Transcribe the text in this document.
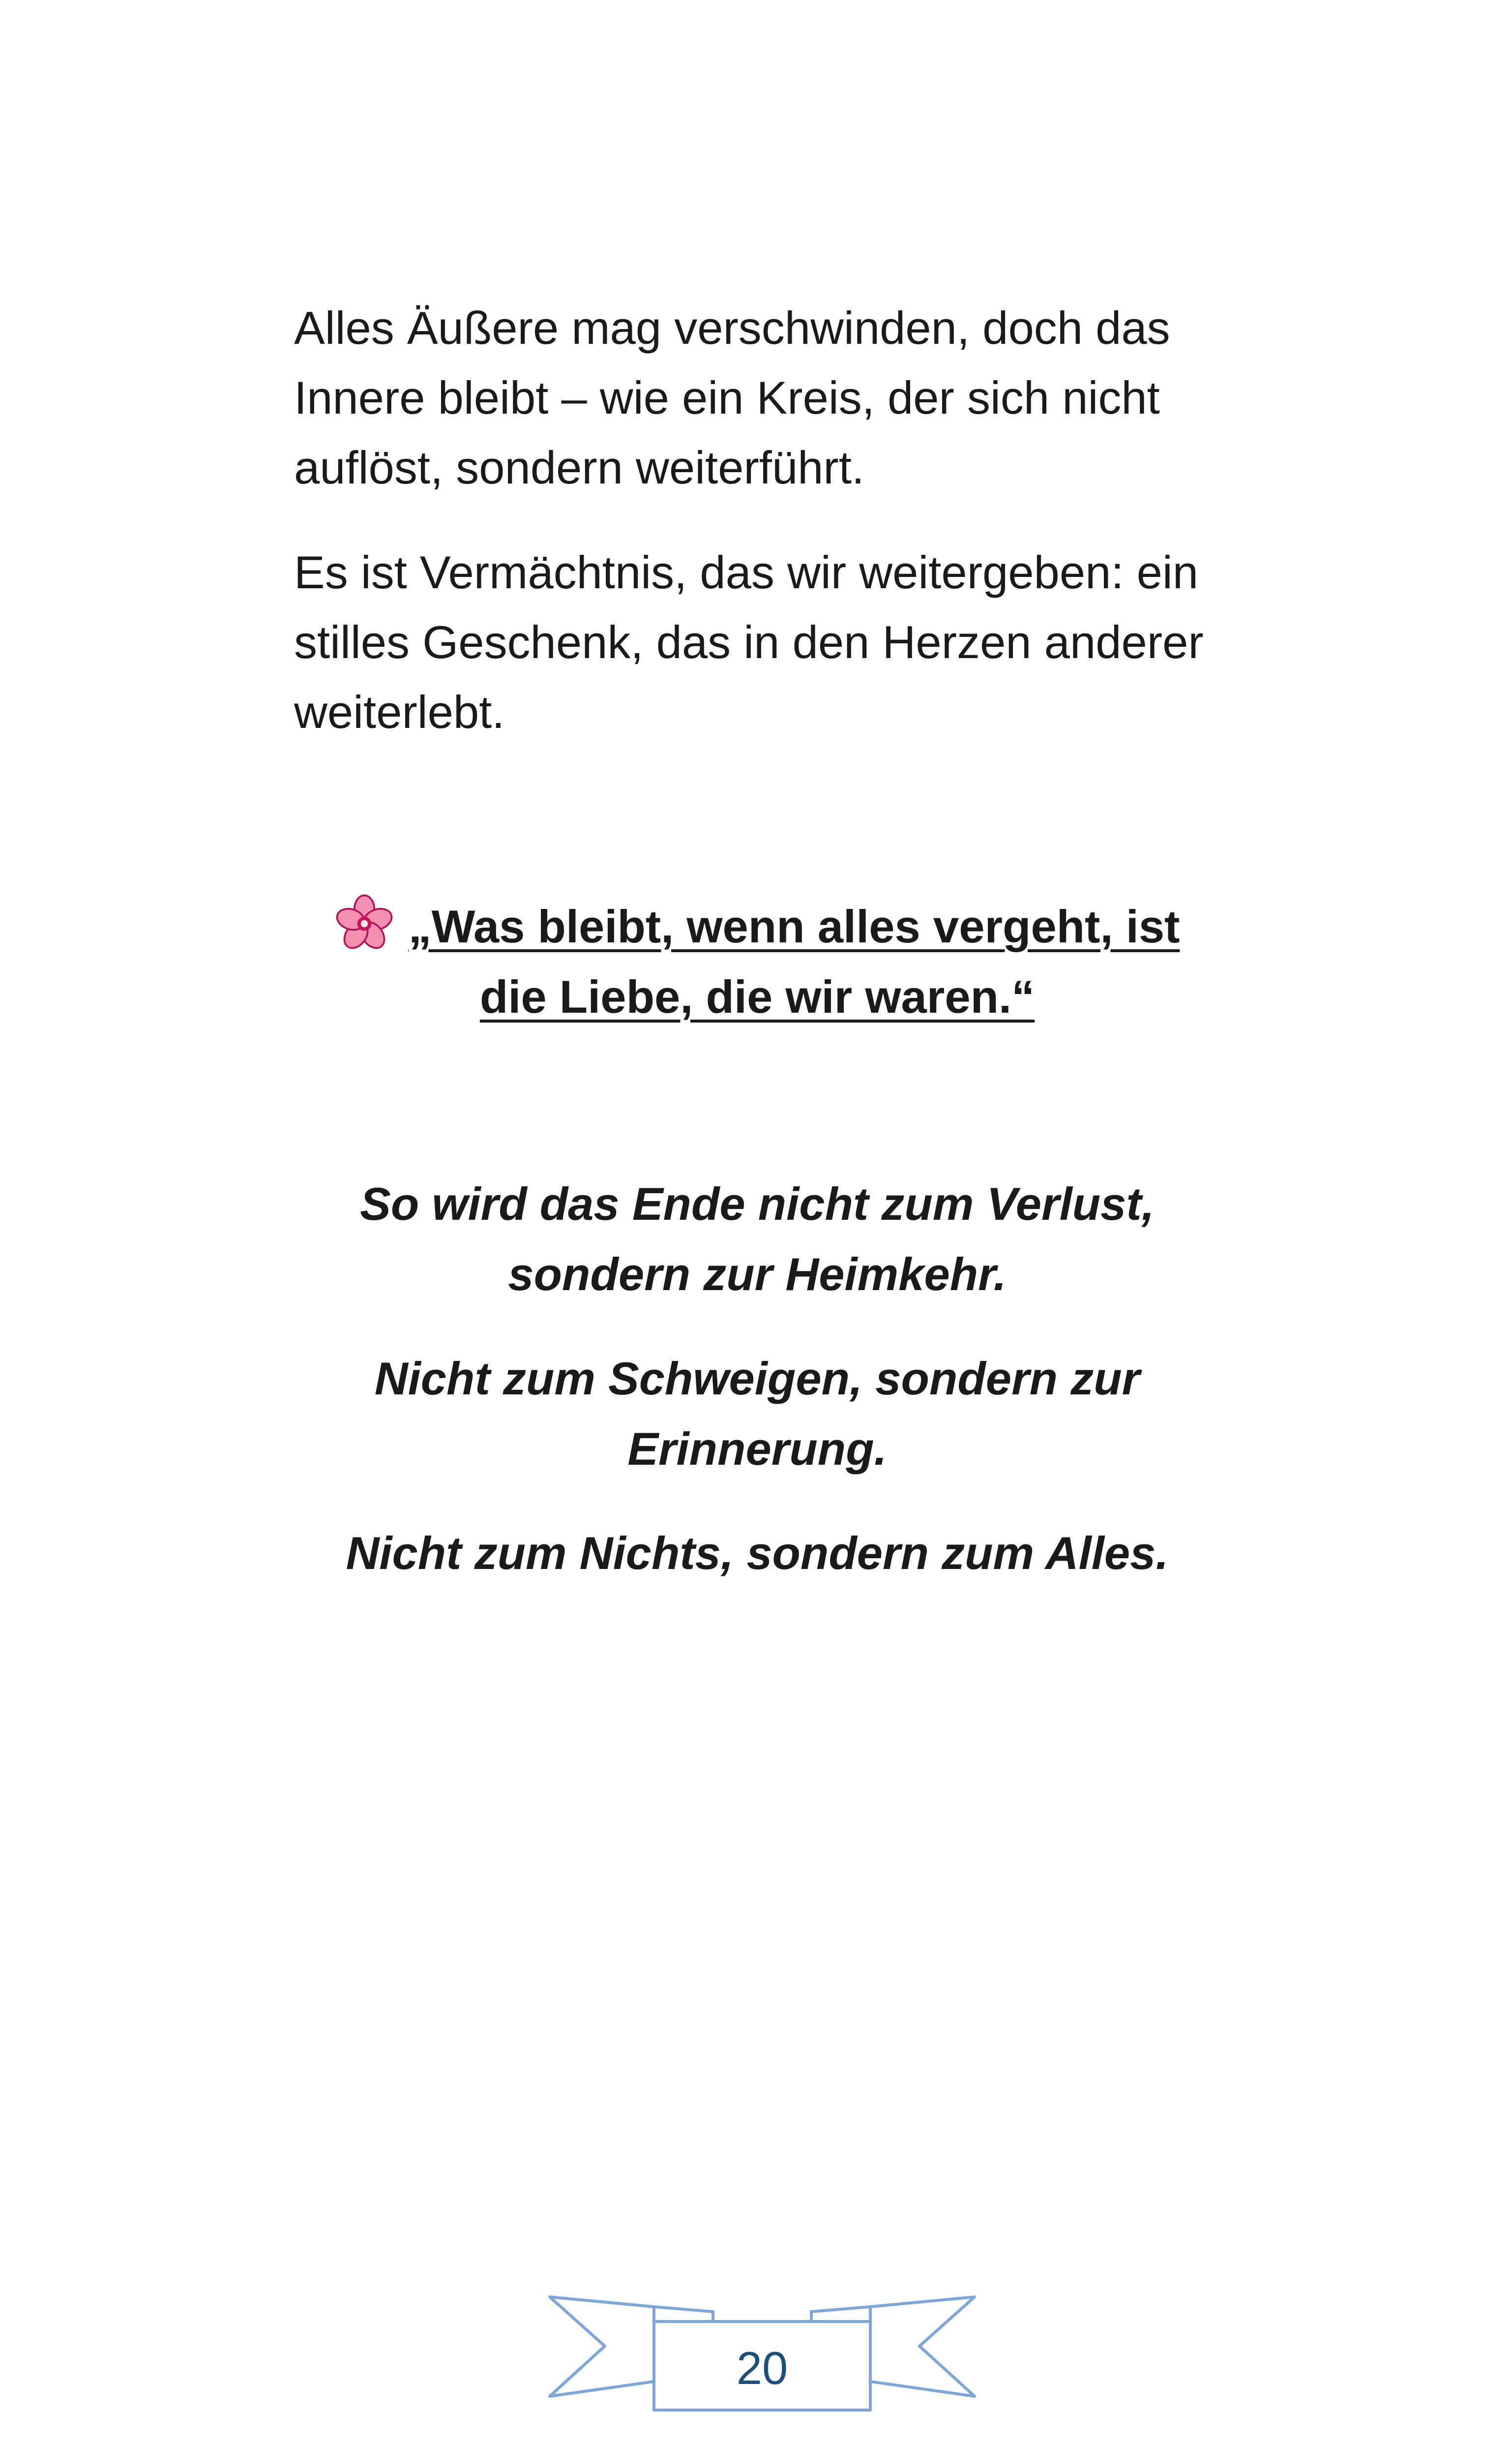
Alles Äußere mag verschwinden, doch das Innere bleibt – wie ein Kreis, der sich nicht auflöst, sondern weiterführt.

Es ist Vermächtnis, das wir weitergeben: ein stilles Geschenk, das in den Herzen anderer weiterlebt.

„Was bleibt, wenn alles vergeht, ist
die Liebe, die wir waren.“
So wird das Ende nicht zum Verlust,
sondern zur Heimkehr.
Nicht zum Schweigen, sondern zur
Erinnerung.
Nicht zum Nichts, sondern zum Alles.
20
